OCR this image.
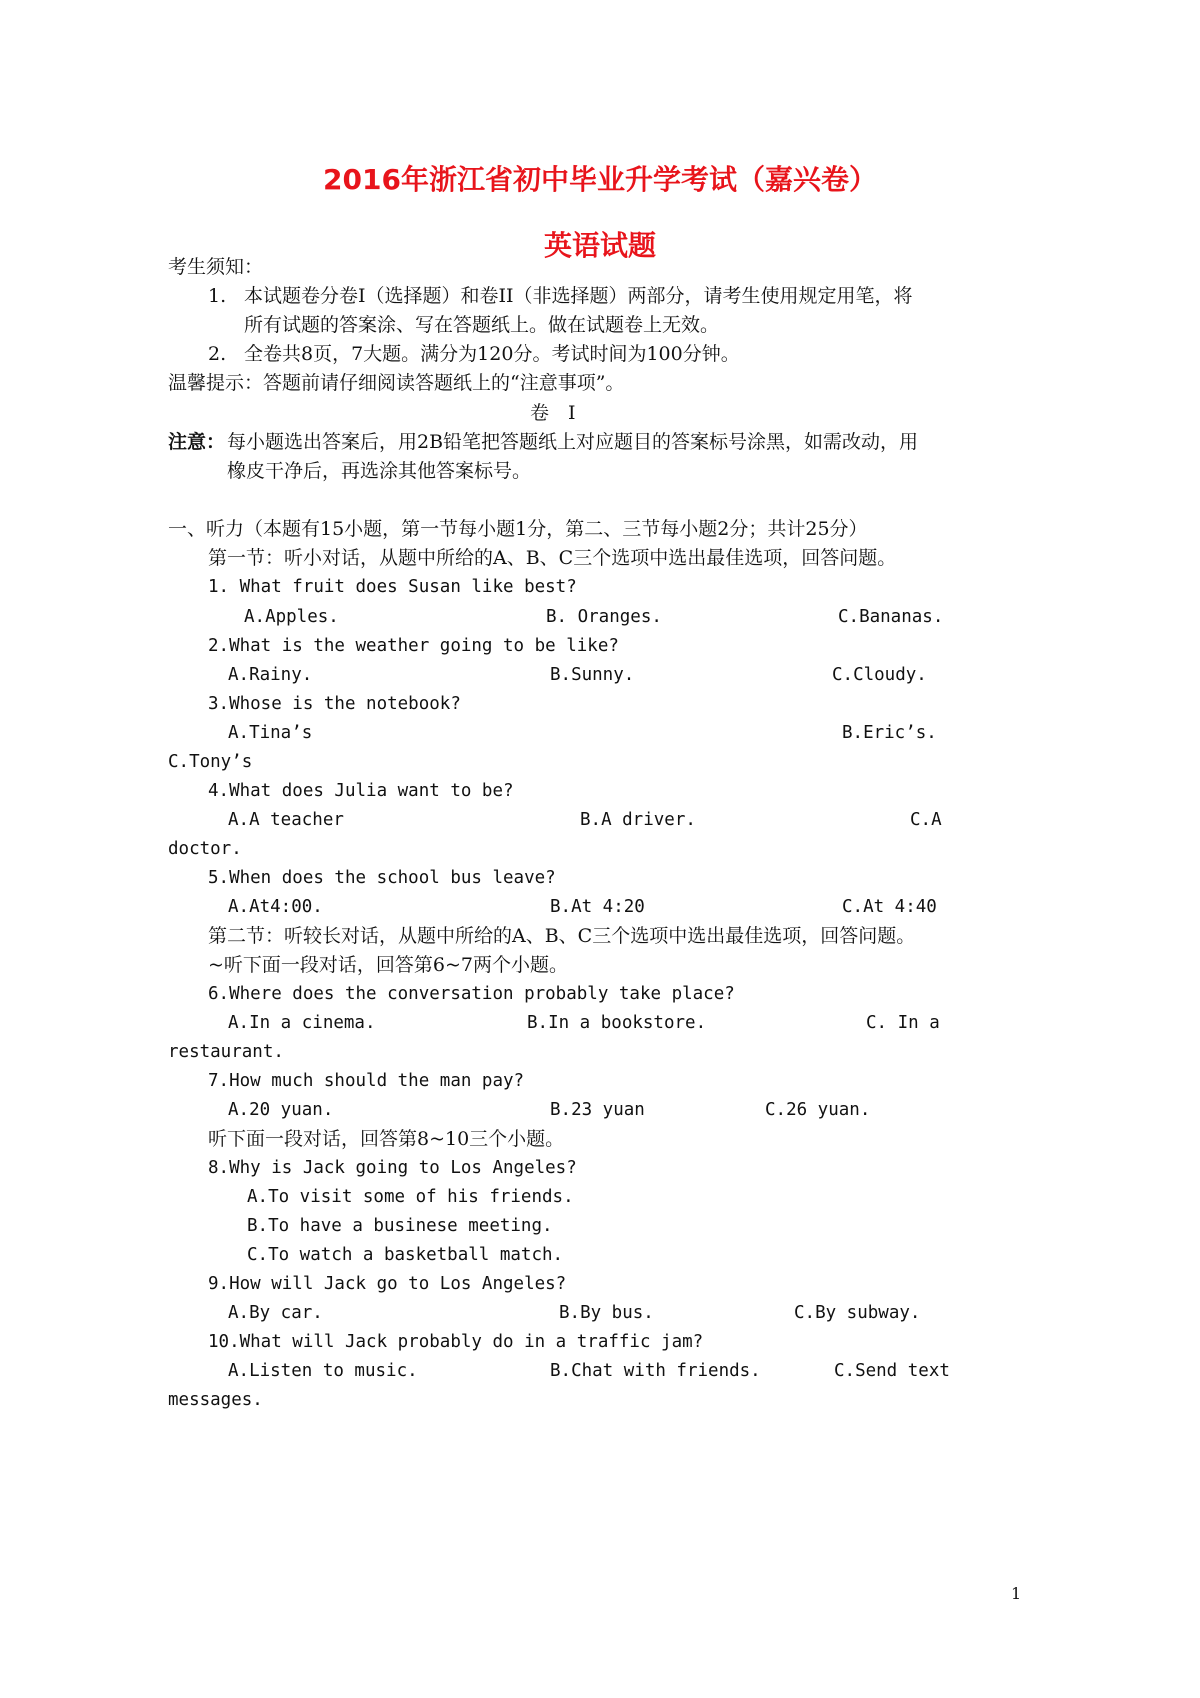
2016年浙江省初中毕业升学考试（嘉兴卷）
英语试题
考生须知：
1. 本试题卷分卷Ⅰ（选择题）和卷II（非选择题）两部分，请考生使用规定用笔，将
所有试题的答案涂、写在答题纸上。做在试题卷上无效。
2. 全卷共8页，7大题。满分为120分。考试时间为100分钟。
温馨提示：答题前请仔细阅读答题纸上的“注意事项”。
卷　Ⅰ
注意： 每小题选出答案后，用2B铅笔把答题纸上对应题目的答案标号涂黑，如需改动，用
橡皮干净后，再选涂其他答案标号。
一、听力（本题有15小题，第一节每小题1分，第二、三节每小题2分；共计25分）
第一节：听小对话，从题中所给的A、B、C三个选项中选出最佳选项，回答问题。
1. What fruit does Susan like best?
A.Apples.	B. Oranges.	C.Bananas.
2.What is the weather going to be like?
A.Rainy.	B.Sunny.	C.Cloudy.
3.Whose is the notebook?
A.Tina’s	B.Eric’s.
C.Tony’s
4.What does Julia want to be?
A.A teacher	B.A driver.	C.A
doctor.
5.When does the school bus leave?
A.At4:00.	B.At 4:20	C.At 4:40
第二节：听较长对话，从题中所给的A、B、C三个选项中选出最佳选项，回答问题。
~听下面一段对话，回答第6~7两个小题。
6.Where does the conversation probably take place?
A.In a cinema.	B.In a bookstore.	C. In a
restaurant.
7.How much should the man pay?
A.20 yuan.	B.23 yuan	C.26 yuan.
听下面一段对话，回答第8~10三个小题。
8.Why is Jack going to Los Angeles?
A.To visit some of his friends.
B.To have a businese meeting.
C.To watch a basketball match.
9.How will Jack go to Los Angeles?
A.By car.	B.By bus.	C.By subway.
10.What will Jack probably do in a traffic jam?
A.Listen to music.	B.Chat with friends.	C.Send text
messages.
1
